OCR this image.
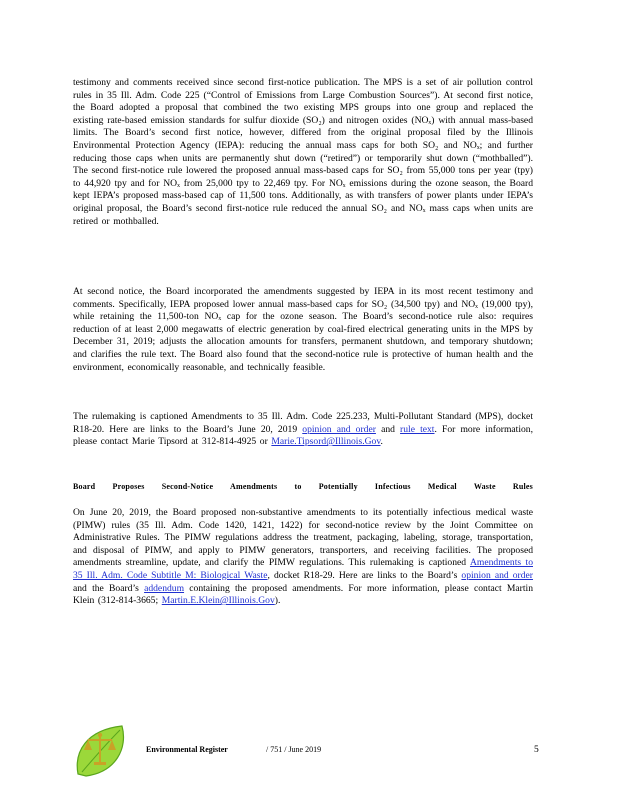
testimony and comments received since second first-notice publication. The MPS is a set of air pollution control rules in 35 Ill. Adm. Code 225 (“Control of Emissions from Large Combustion Sources”). At second first notice, the Board adopted a proposal that combined the two existing MPS groups into one group and replaced the existing rate-based emission standards for sulfur dioxide (SO₂) and nitrogen oxides (NOₓ) with annual mass-based limits. The Board’s second first notice, however, differed from the original proposal filed by the Illinois Environmental Protection Agency (IEPA): reducing the annual mass caps for both SO₂ and NOₓ; and further reducing those caps when units are permanently shut down (“retired”) or temporarily shut down (“mothballed”). The second first-notice rule lowered the proposed annual mass-based caps for SO₂ from 55,000 tons per year (tpy) to 44,920 tpy and for NOₓ from 25,000 tpy to 22,469 tpy. For NOₓ emissions during the ozone season, the Board kept IEPA’s proposed mass-based cap of 11,500 tons. Additionally, as with transfers of power plants under IEPA’s original proposal, the Board’s second first-notice rule reduced the annual SO₂ and NOₓ mass caps when units are retired or mothballed.

At second notice, the Board incorporated the amendments suggested by IEPA in its most recent testimony and comments. Specifically, IEPA proposed lower annual mass-based caps for SO₂ (34,500 tpy) and NOₓ (19,000 tpy), while retaining the 11,500-ton NOₓ cap for the ozone season. The Board’s second-notice rule also: requires reduction of at least 2,000 megawatts of electric generation by coal-fired electrical generating units in the MPS by December 31, 2019; adjusts the allocation amounts for transfers, permanent shutdown, and temporary shutdown; and clarifies the rule text. The Board also found that the second-notice rule is protective of human health and the environment, economically reasonable, and technically feasible.

The rulemaking is captioned Amendments to 35 Ill. Adm. Code 225.233, Multi-Pollutant Standard (MPS), docket R18-20. Here are links to the Board’s June 20, 2019 opinion and order and rule text. For more information, please contact Marie Tipsord at 312-814-4925 or Marie.Tipsord@Illinois.Gov.

Board Proposes Second-Notice Amendments to Potentially Infectious Medical Waste Rules

On June 20, 2019, the Board proposed non-substantive amendments to its potentially infectious medical waste (PIMW) rules (35 Ill. Adm. Code 1420, 1421, 1422) for second-notice review by the Joint Committee on Administrative Rules. The PIMW regulations address the treatment, packaging, labeling, storage, transportation, and disposal of PIMW, and apply to PIMW generators, transporters, and receiving facilities. The proposed amendments streamline, update, and clarify the PIMW regulations. This rulemaking is captioned Amendments to 35 Ill. Adm. Code Subtitle M: Biological Waste, docket R18-29. Here are links to the Board’s opinion and order and the Board’s addendum containing the proposed amendments. For more information, please contact Martin Klein (312-814-3665; Martin.E.Klein@Illinois.Gov).

Environmental Register	/ 751 / June 2019	5
